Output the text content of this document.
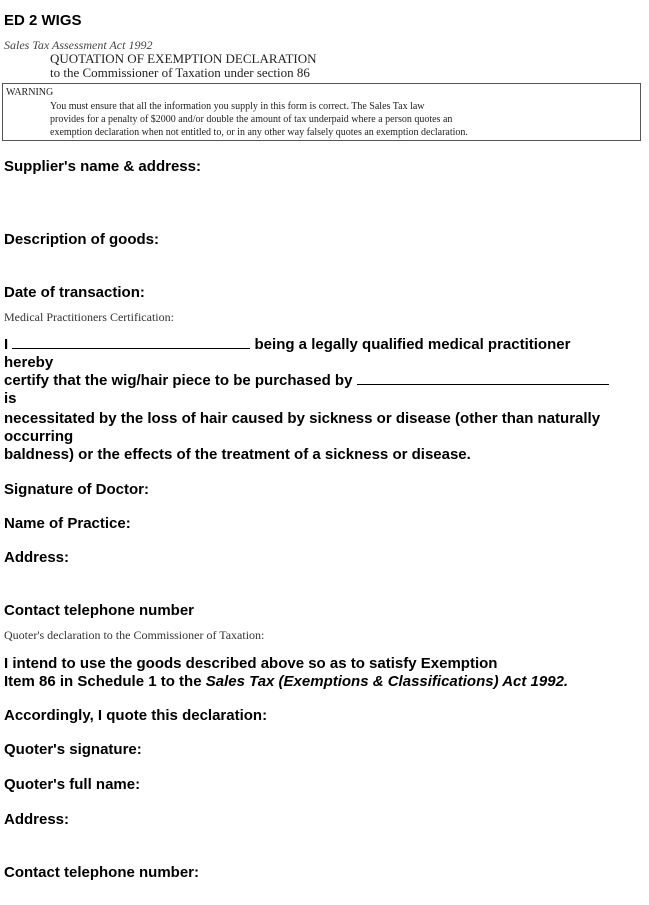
ED 2 WIGS
Sales Tax Assessment Act 1992
QUOTATION OF EXEMPTION DECLARATION
to the Commissioner of Taxation under section 86
WARNING
You must ensure that all the information you supply in this form is correct. The Sales Tax law
provides for a penalty of $2000 and/or double the amount of tax underpaid where a person quotes an
exemption declaration when not entitled to, or in any other way falsely quotes an exemption declaration.
Supplier's name & address:
Description of goods:
Date of transaction:
Medical Practitioners Certification:
I	being a legally qualified medical practitioner
hereby
certify that the wig/hair piece to be purchased by
is
necessitated by the loss of hair caused by sickness or disease (other than naturally
occurring
baldness) or the effects of the treatment of a sickness or disease.
Signature of Doctor:
Name of Practice:
Address:
Contact telephone number
Quoter's declaration to the Commissioner of Taxation:
I intend to use the goods described above so as to satisfy Exemption
Item 86 in Schedule 1 to the Sales Tax (Exemptions & Classifications) Act 1992.
Accordingly, I quote this declaration:
Quoter's signature:
Quoter's full name:
Address:
Contact telephone number:
